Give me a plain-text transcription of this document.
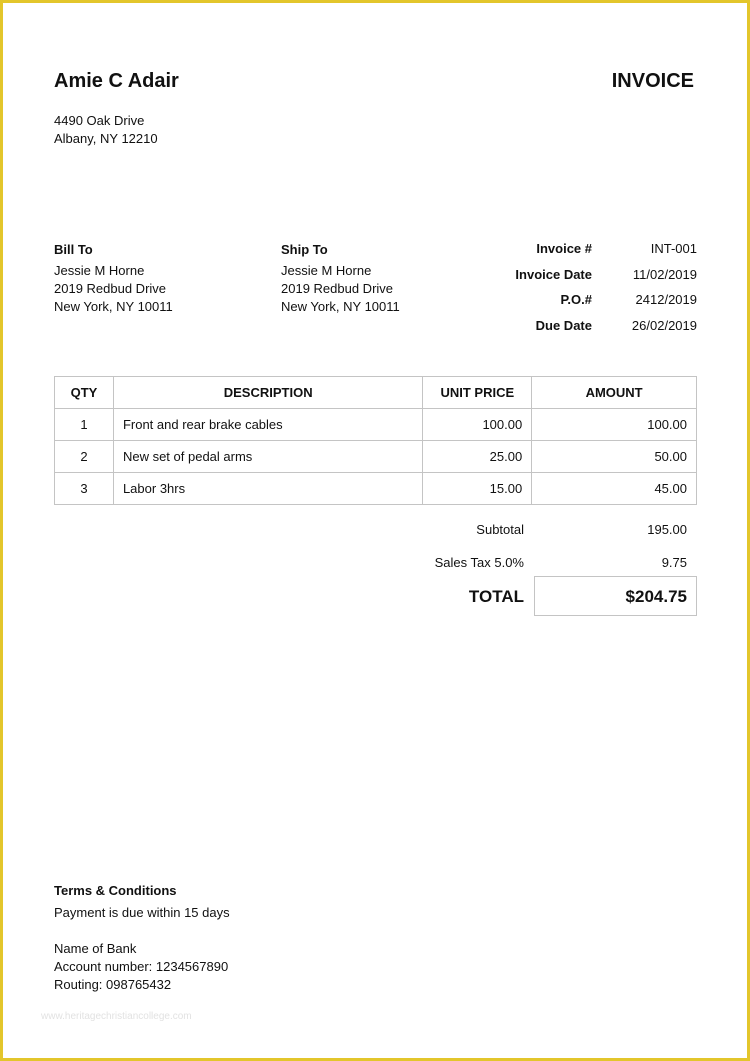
Amie C Adair	INVOICE
4490 Oak Drive
Albany, NY 12210
Bill To
Jessie M Horne
2019 Redbud Drive
New York, NY 10011
Ship To
Jessie M Horne
2019 Redbud Drive
New York, NY 10011
Invoice #	INT-001
Invoice Date	11/02/2019
P.O.#	2412/2019
Due Date	26/02/2019
QTY	DESCRIPTION	UNIT PRICE	AMOUNT
1	Front and rear brake cables	100.00	100.00
2	New set of pedal arms	25.00	50.00
3	Labor 3hrs	15.00	45.00
Subtotal	195.00
Sales Tax 5.0%	9.75
TOTAL	$204.75
Terms & Conditions
Payment is due within 15 days
Name of Bank
Account number: 1234567890
Routing: 098765432
www.heritagechristiancollege.com
